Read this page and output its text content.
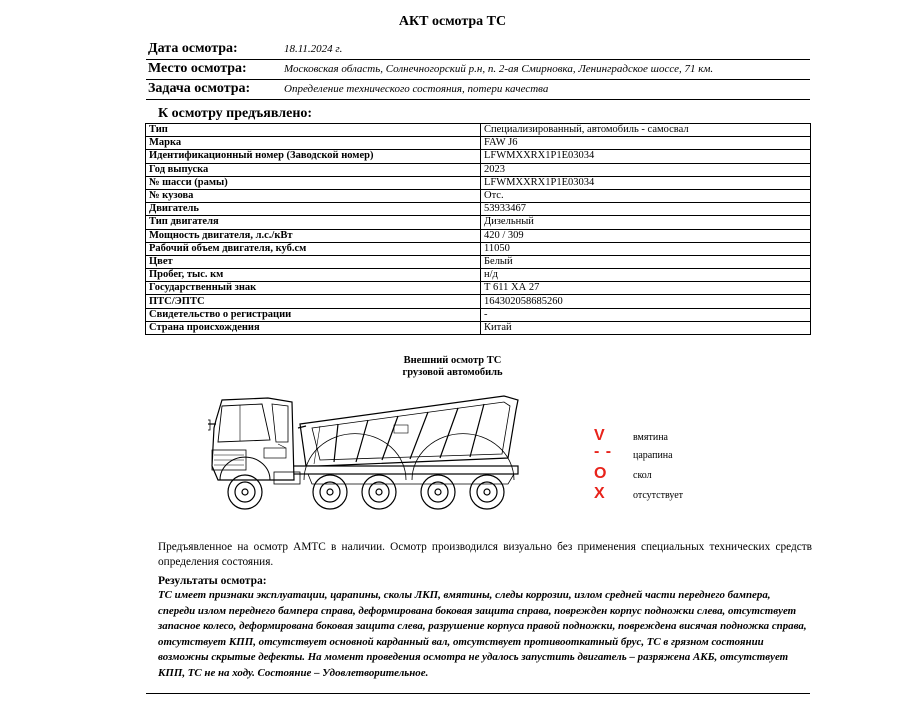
АКТ осмотра ТС
Дата осмотра:	18.11.2024 г.
Место осмотра:	Московская область, Солнечногорский р.н, п. 2-ая Смирновка, Ленинградское шоссе, 71 км.
Задача осмотра:	Определение технического состояния, потери качества
К осмотру предъявлено:
Тип	Специализированный, автомобиль - самосвал
Марка	FAW J6
Идентификационный номер (Заводской номер)	LFWMXXRX1P1E03034
Год выпуска	2023
№ шасси (рамы)	LFWMXXRX1P1E03034
№ кузова	Отс.
Двигатель	53933467
Тип двигателя	Дизельный
Мощность двигателя, л.с./кВт	420 / 309
Рабочий объем двигателя, куб.см	11050
Цвет	Белый
Пробег, тыс. км	н/д
Государственный знак	Т 611 ХА 27
ПТС/ЭПТС	164302058685260
Свидетельство о регистрации	-
Страна происхождения	Китай
Внешний осмотр ТС
грузовой автомобиль
V	вмятина
- - царапина
O	скол
X	отсутствует
Предъявленное на осмотр АМТС в наличии. Осмотр производился визуально без применения специальных технических средств определения состояния.
Результаты осмотра:
ТС имеет признаки эксплуатации, царапины, сколы ЛКП, вмятины, следы коррозии, излом средней части переднего бампера, спереди излом переднего бампера справа, деформирована боковая защита справа, поврежден корпус подножки слева, отсутствует запасное колесо, деформирована боковая защита слева, разрушение корпуса правой подножки, повреждена висячая подножка справа, отсутствует КПП, отсутствует основной карданный вал, отсутствует противооткатный брус, ТС в грязном состоянии возможны скрытые дефекты. На момент проведения осмотра не удалось запустить двигатель – разряжена АКБ, отсутствует КПП, ТС не на ходу. Состояние – Удовлетворительное.
